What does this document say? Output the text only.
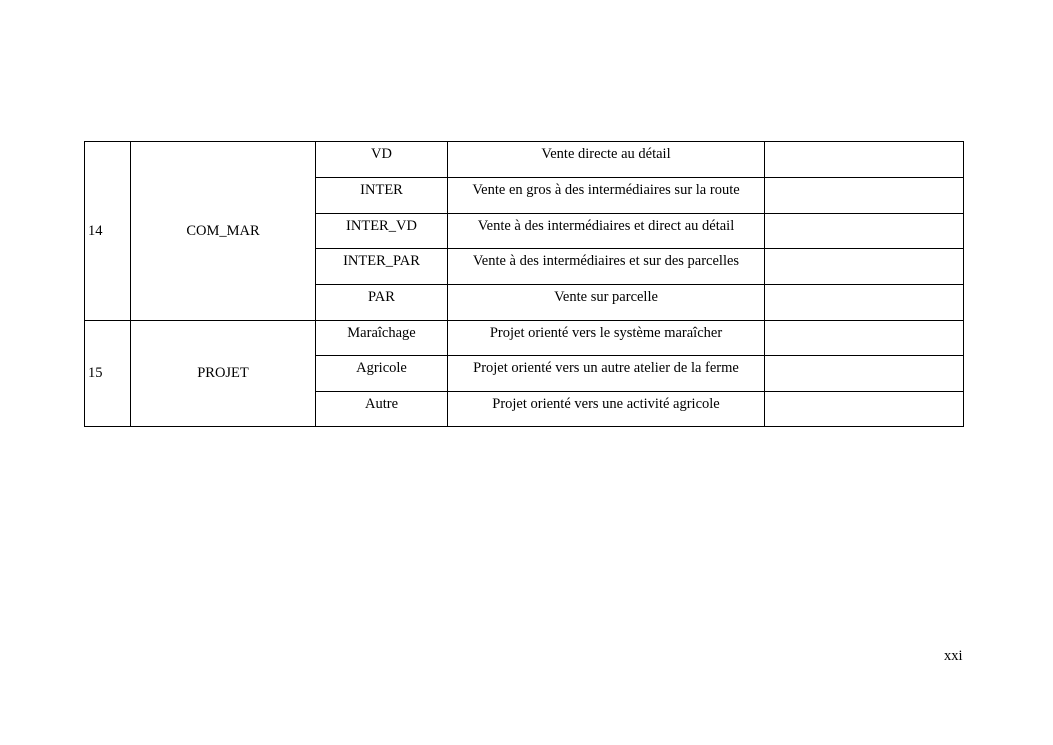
14	COM_MAR	VD	Vente directe au détail	
		INTER	Vente en gros à des intermédiaires sur la route	
		INTER_VD	Vente à des intermédiaires et direct au détail	
		INTER_PAR	Vente à des intermédiaires et sur des parcelles	
		PAR	Vente sur parcelle	
15	PROJET	Maraîchage	Projet orienté vers le système maraîcher	
		Agricole	Projet orienté vers un autre atelier de la ferme	
		Autre	Projet orienté vers une activité agricole	
xxi
